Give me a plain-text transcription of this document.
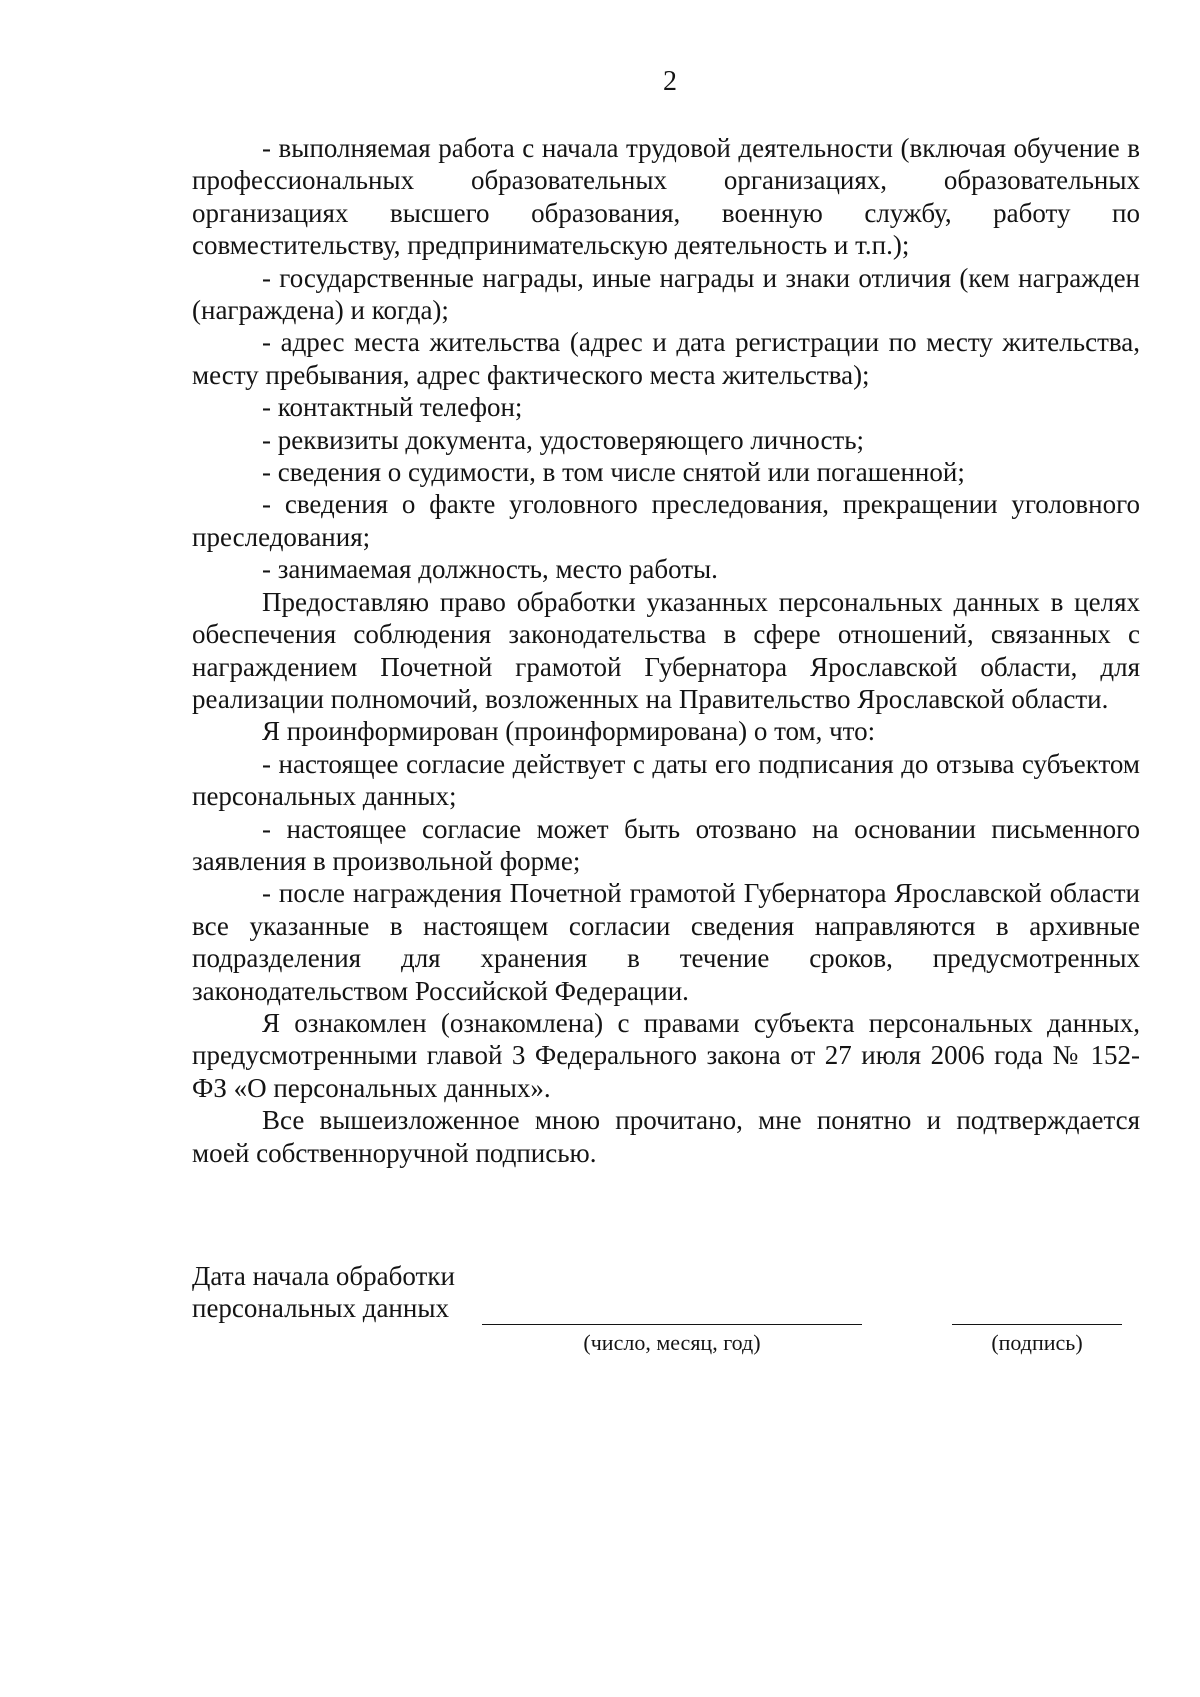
2

- выполняемая работа с начала трудовой деятельности (включая обучение в профессиональных образовательных организациях, образовательных организациях высшего образования, военную службу, работу по совместительству, предпринимательскую деятельность и т.п.);

- государственные награды, иные награды и знаки отличия (кем награжден (награждена) и когда);

- адрес места жительства (адрес и дата регистрации по месту жительства, месту пребывания, адрес фактического места жительства);

- контактный телефон;

- реквизиты документа, удостоверяющего личность;

- сведения о судимости, в том числе снятой или погашенной;

- сведения о факте уголовного преследования, прекращении уголовного преследования;

- занимаемая должность, место работы.

Предоставляю право обработки указанных персональных данных в целях обеспечения соблюдения законодательства в сфере отношений, связанных с награждением Почетной грамотой Губернатора Ярославской области, для реализации полномочий, возложенных на Правительство Ярославской области.

Я проинформирован (проинформирована) о том, что:

- настоящее согласие действует с даты его подписания до отзыва субъектом персональных данных;

- настоящее согласие может быть отозвано на основании письменного заявления в произвольной форме;

- после награждения Почетной грамотой Губернатора Ярославской области все указанные в настоящем согласии сведения направляются в архивные подразделения для хранения в течение сроков, предусмотренных законодательством Российской Федерации.

Я ознакомлен (ознакомлена) с правами субъекта персональных данных, предусмотренными главой 3 Федерального закона от 27 июля 2006 года № 152-ФЗ «О персональных данных».

Все вышеизложенное мною прочитано, мне понятно и подтверждается моей собственноручной подписью.

Дата начала обработки
персональных данных
(число, месяц, год)	(подпись)
